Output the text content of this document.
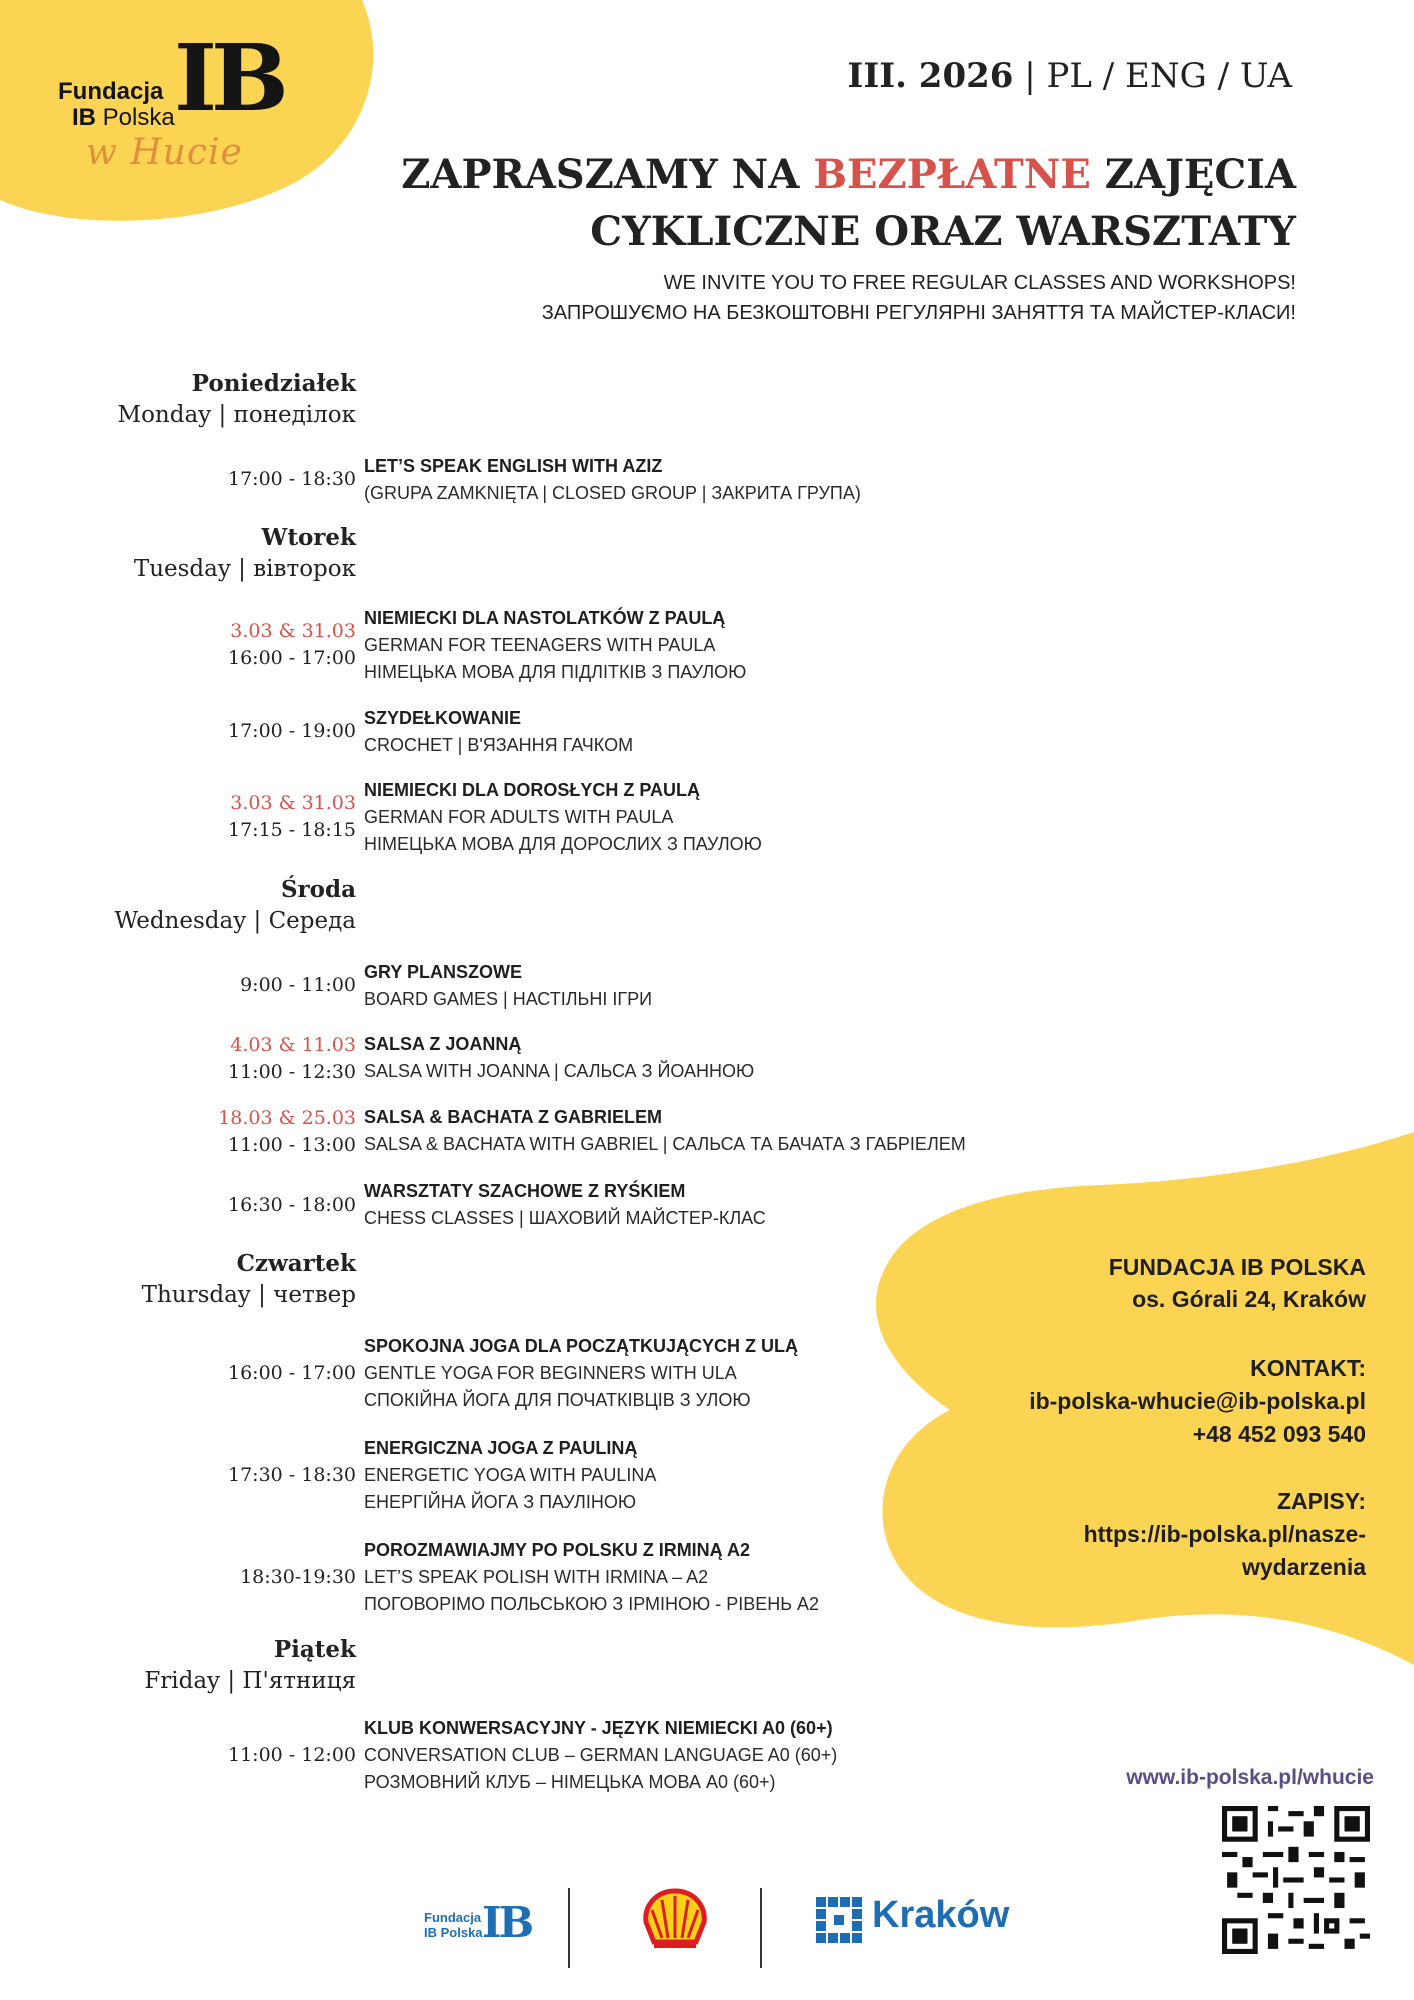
Fundacja
IB Polska IB
w Hucie
III. 2026 | PL / ENG / UA
ZAPRASZAMY NA BEZPŁATNE ZAJĘCIA
CYKLICZNE ORAZ WARSZTATY
WE INVITE YOU TO FREE REGULAR CLASSES AND WORKSHOPS!
ЗАПРОШУЄМО НА БЕЗКОШТОВНІ РЕГУЛЯРНІ ЗАНЯТТЯ ТА МАЙСТЕР-КЛАСИ!
Poniedziałek
Monday | понеділок
17:00 - 18:30
LET’S SPEAK ENGLISH WITH AZIZ
(GRUPA ZAMKNIĘTA | CLOSED GROUP | ЗАКРИТА ГРУПА)
Wtorek
Tuesday | вівторок
3.03 & 31.03
16:00 - 17:00
NIEMIECKI DLA NASTOLATKÓW Z PAULĄ
GERMAN FOR TEENAGERS WITH PAULA
НІМЕЦЬКА МОВА ДЛЯ ПІДЛІТКІВ З ПАУЛОЮ
17:00 - 19:00
SZYDEŁKOWANIE
CROCHET | В'ЯЗАННЯ ГАЧКОМ
3.03 & 31.03
17:15 - 18:15
NIEMIECKI DLA DOROSŁYCH Z PAULĄ
GERMAN FOR ADULTS WITH PAULA
НІМЕЦЬКА МОВА ДЛЯ ДОРОСЛИХ З ПАУЛОЮ
Środa
Wednesday | Середа
9:00 - 11:00
GRY PLANSZOWE
BOARD GAMES | НАСТІЛЬНІ ІГРИ
4.03 & 11.03
11:00 - 12:30
SALSA Z JOANNĄ
SALSA WITH JOANNA | САЛЬСА З ЙОАННОЮ
18.03 & 25.03
11:00 - 13:00
SALSA & BACHATA Z GABRIELEM
SALSA & BACHATA WITH GABRIEL | САЛЬСА ТА БАЧАТА З ГАБРІЕЛЕМ
16:30 - 18:00
WARSZTATY SZACHOWE Z RYŚKIEM
CHESS CLASSES | ШАХОВИЙ МАЙСТЕР-КЛАС
Czwartek
Thursday | четвер
16:00 - 17:00
SPOKOJNA JOGA DLA POCZĄTKUJĄCYCH Z ULĄ
GENTLE YOGA FOR BEGINNERS WITH ULA
СПОКІЙНА ЙОГА ДЛЯ ПОЧАТКІВЦІВ З УЛОЮ
17:30 - 18:30
ENERGICZNA JOGA Z PAULINĄ
ENERGETIC YOGA WITH PAULINA
ЕНЕРГІЙНА ЙОГА З ПАУЛІНОЮ
18:30-19:30
POROZMAWIAJMY PO POLSKU Z IRMINĄ A2
LET’S SPEAK POLISH WITH IRMINA – A2
ПОГОВОРІМО ПОЛЬСЬКОЮ З ІРМІНОЮ - РІВЕНЬ А2
Piątek
Friday | П'ятниця
11:00 - 12:00
KLUB KONWERSACYJNY - JĘZYK NIEMIECKI A0 (60+)
CONVERSATION CLUB – GERMAN LANGUAGE A0 (60+)
РОЗМОВНИЙ КЛУБ – НІМЕЦЬКА МОВА А0 (60+)
FUNDACJA IB POLSKA
os. Górali 24, Kraków
KONTAKT:
ib-polska-whucie@ib-polska.pl
+48 452 093 540
ZAPISY:
https://ib-polska.pl/nasze-
wydarzenia
www.ib-polska.pl/whucie
Fundacja
IB Polska IB	Kraków
